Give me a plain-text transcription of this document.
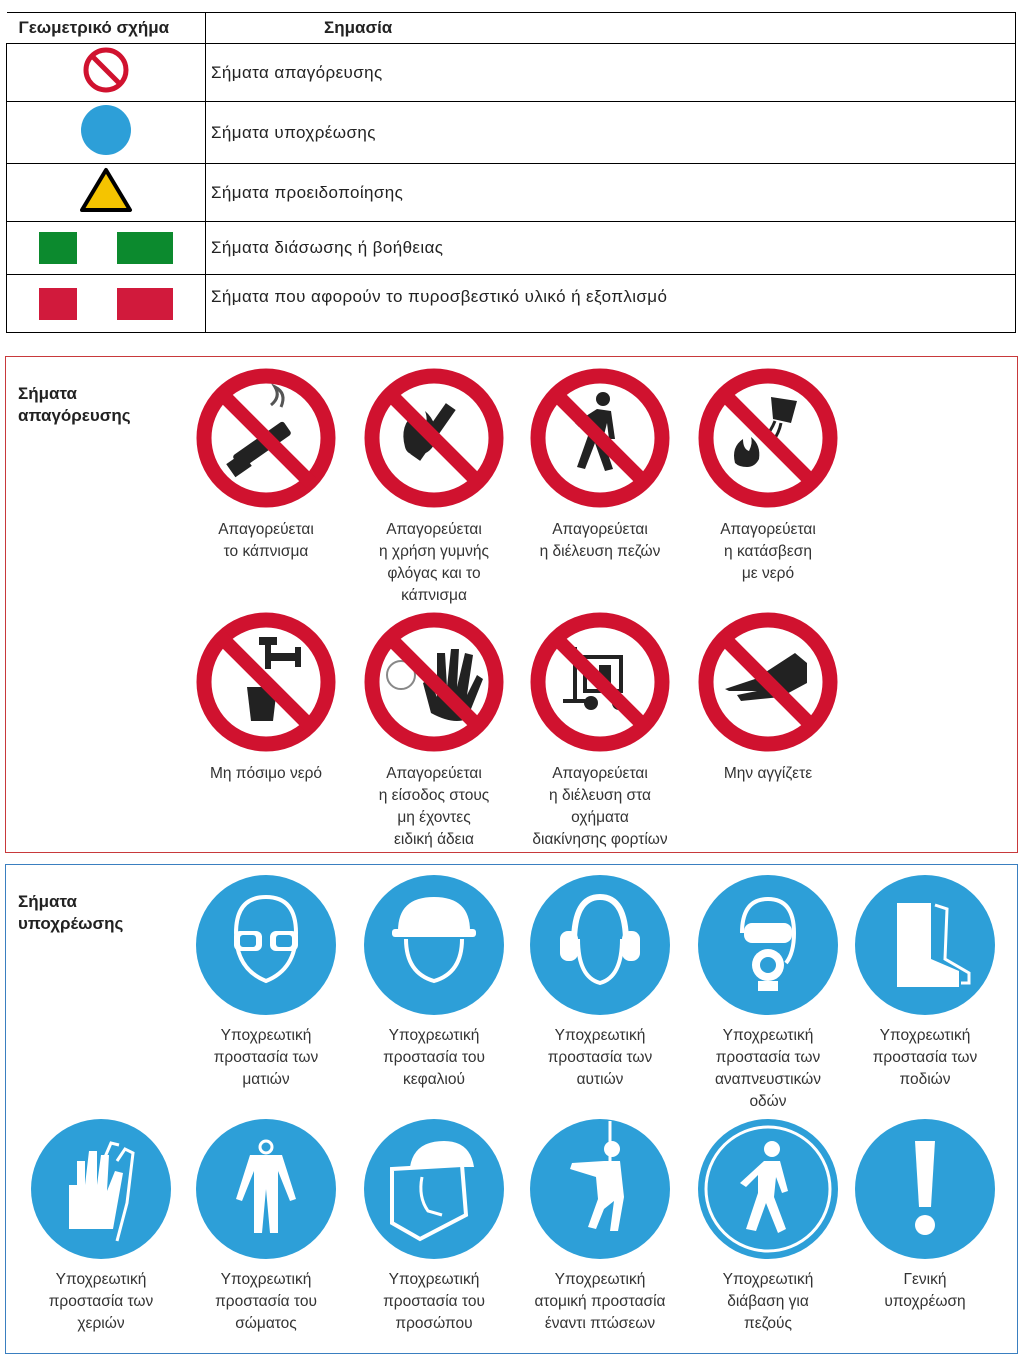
Γεωμετρικό σχήμα	Σημασία
	Σήματα απαγόρευσης
	Σήματα υποχρέωσης
	Σήματα προειδοποίησης
	Σήματα διάσωσης ή βοήθειας
	Σήματα που αφορούν το πυροσβεστικό υλικό ή εξοπλισμό
Σήματα
απαγόρευσης
Απαγορεύεται
το κάπνισμα
Απαγορεύεται
η χρήση γυμνής
φλόγας και το
κάπνισμα
Απαγορεύεται
η διέλευση πεζών
Απαγορεύεται
η κατάσβεση
με νερό
Μη πόσιμο νερό	Απαγορεύεται
η είσοδος στους
μη έχοντες
ειδική άδεια
Απαγορεύεται
η διέλευση στα
οχήματα
διακίνησης φορτίων
Μην αγγίζετε
Σήματα
υποχρέωσης
Υποχρεωτική
προστασία των
ματιών
Υποχρεωτική
προστασία του
κεφαλιού
Υποχρεωτική
προστασία των
αυτιών
Υποχρεωτική
προστασία των
αναπνευστικών
οδών
Υποχρεωτική
προστασία των
ποδιών
Υποχρεωτική
προστασία των
χεριών
Υποχρεωτική
προστασία του
σώματος
Υποχρεωτική
προστασία του
προσώπου
Υποχρεωτική
ατομική προστασία
έναντι πτώσεων
Υποχρεωτική
διάβαση για
πεζούς
Γενική
υποχρέωση
